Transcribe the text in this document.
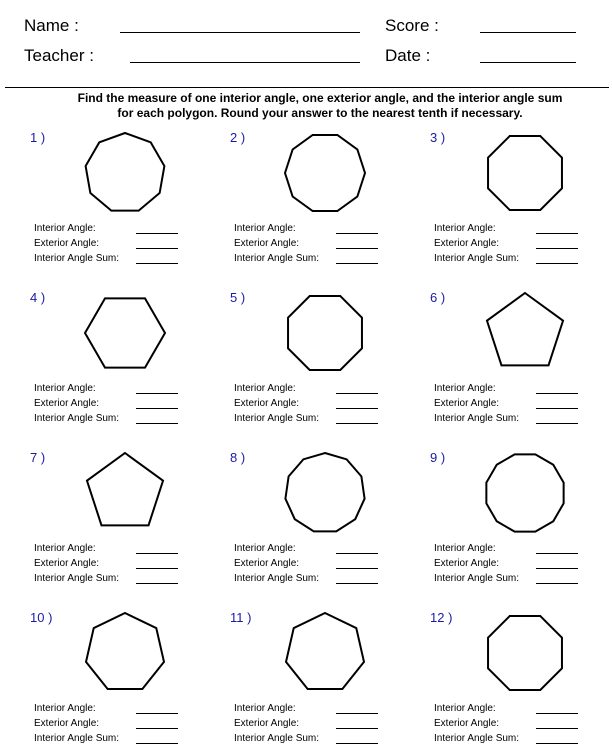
Name :	Score :
Teacher :	Date :
Find the measure of one interior angle, one exterior angle, and the interior angle sum
for each polygon. Round your answer to the nearest tenth if necessary.
1 )
Interior Angle:
Exterior Angle:
Interior Angle Sum:
2 )
Interior Angle:
Exterior Angle:
Interior Angle Sum:
3 )
Interior Angle:
Exterior Angle:
Interior Angle Sum:
4 )
Interior Angle:
Exterior Angle:
Interior Angle Sum:
5 )
Interior Angle:
Exterior Angle:
Interior Angle Sum:
6 )
Interior Angle:
Exterior Angle:
Interior Angle Sum:
7 )
Interior Angle:
Exterior Angle:
Interior Angle Sum:
8 )
Interior Angle:
Exterior Angle:
Interior Angle Sum:
9 )
Interior Angle:
Exterior Angle:
Interior Angle Sum:
10 )
Interior Angle:
Exterior Angle:
Interior Angle Sum:
11 )
Interior Angle:
Exterior Angle:
Interior Angle Sum:
12 )
Interior Angle:
Exterior Angle:
Interior Angle Sum:
